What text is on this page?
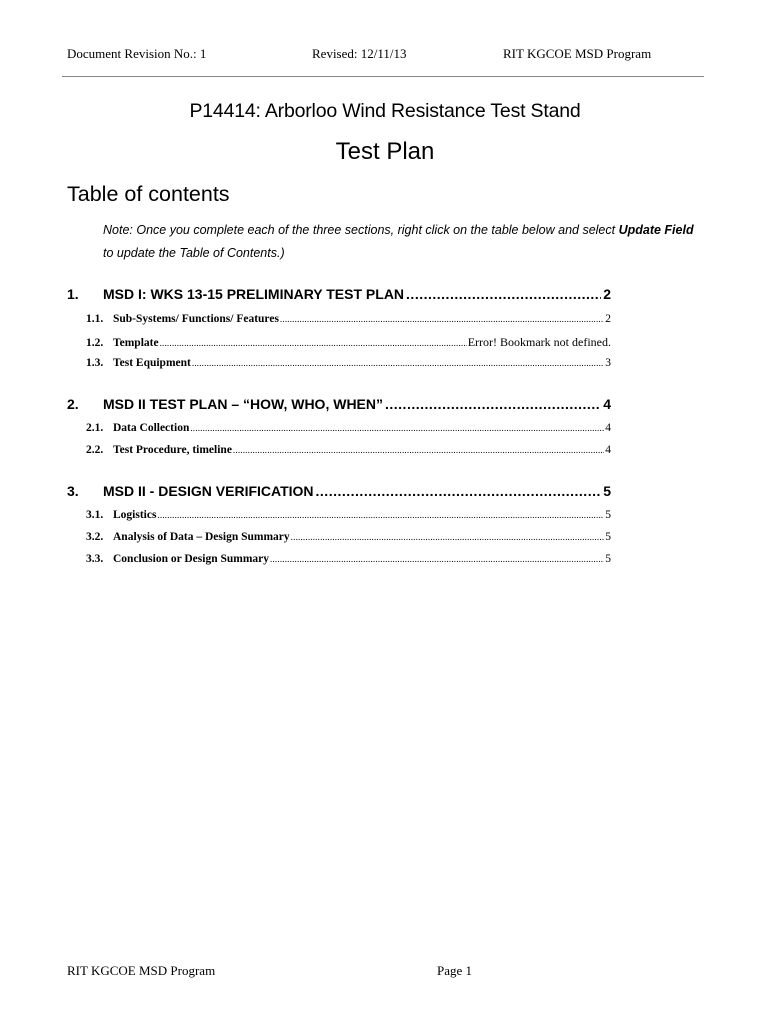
Document Revision No.: 1	Revised: 12/11/13	RIT KGCOE MSD Program
P14414: Arborloo Wind Resistance Test Stand
Test Plan
Table of contents
Note: Once you complete each of the three sections, right click on the table below and select Update Field
to update the Table of Contents.)
1.	MSD I: WKS 13-15 PRELIMINARY TEST PLAN .....	2
1.1. Sub-Systems/ Functions/ Features .....	2
1.2. Template .....	Error! Bookmark not defined.
1.3. Test Equipment .....	3
2.	MSD II TEST PLAN – “HOW, WHO, WHEN” .....	4
2.1. Data Collection .....	4
2.2. Test Procedure, timeline .....	4
3.	MSD II - DESIGN VERIFICATION .....	5
3.1. Logistics .....	5
3.2. Analysis of Data – Design Summary .....	5
3.3. Conclusion or Design Summary .....	5
RIT KGCOE MSD Program	Page 1
